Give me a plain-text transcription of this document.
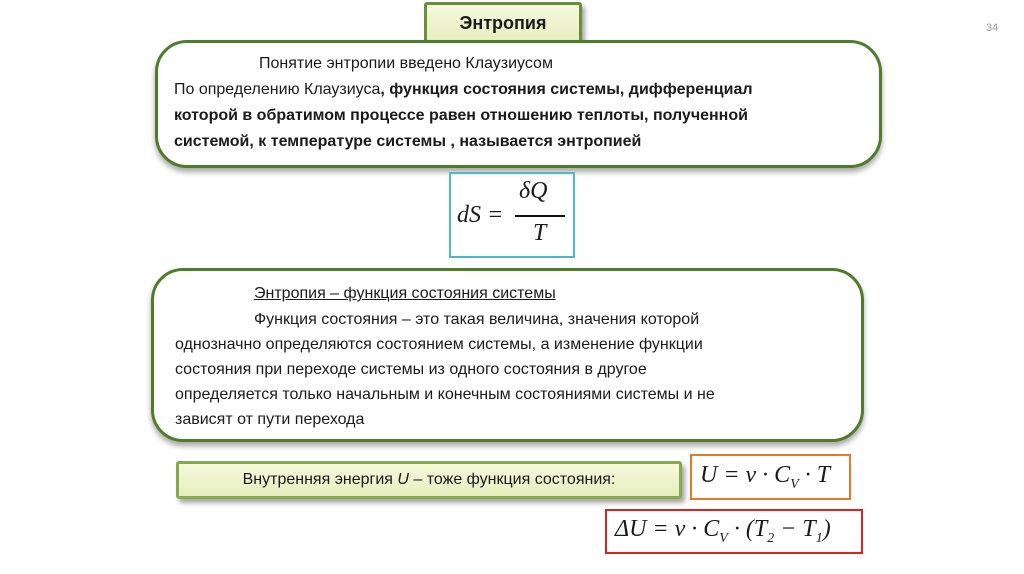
Энтропия	34
Понятие энтропии введено Клаузиусом
По определению Клаузиуса, функция состояния системы, дифференциал
которой в обратимом процессе равен отношению теплоты, полученной
системой, к температуре системы , называется энтропией
dS =
δQ
T
Энтропия – функция состояния системы
Функция состояния – это такая величина, значения которой
однозначно определяются состоянием системы, а изменение функции
состояния при переходе системы из одного состояния в другое
определяется только начальным и конечным состояниями системы и не
зависят от пути перехода
Внутренняя энергия U – тоже функция состояния:	$U = \nu \cdot C_V \cdot T$
$\Delta U = \nu \cdot C_V \cdot (T_2 - T_1)$
